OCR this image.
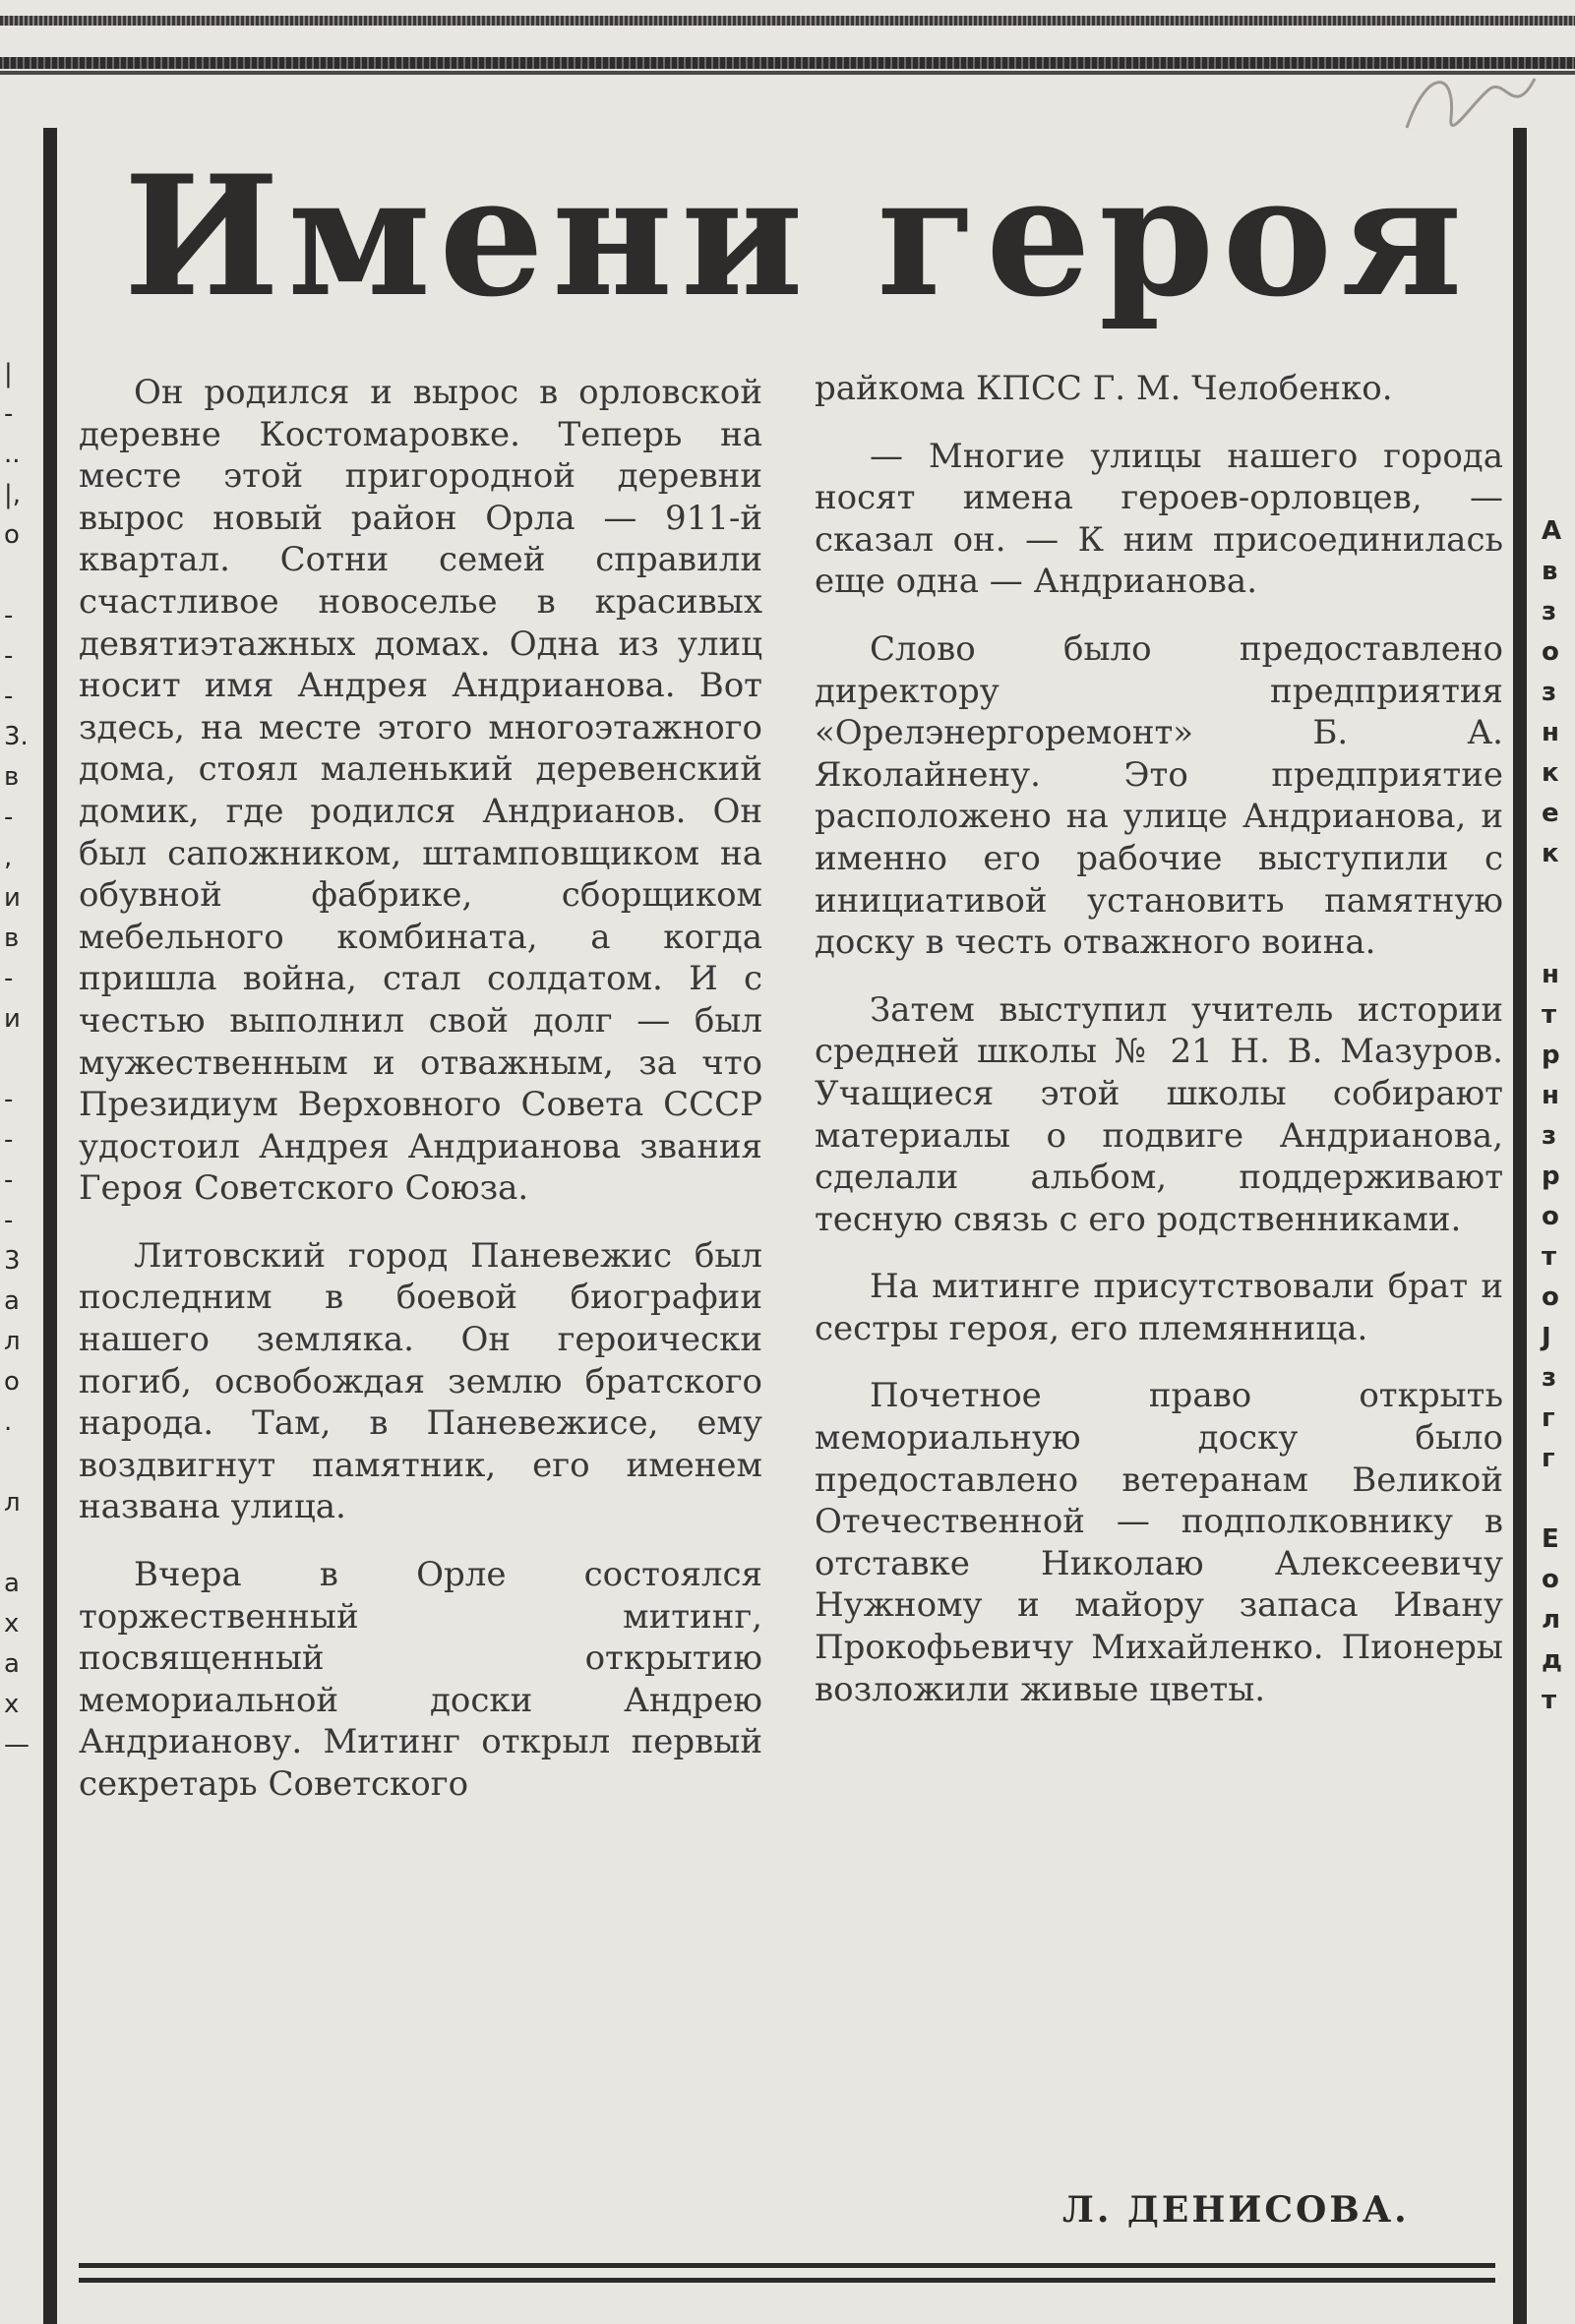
|
-
..
|,
o

-
-
-
3.
в
-
,
и
в
-
и

-
-
-
-
3
а
л
о
.

л

а
х
а
х
—
А
в
з
о
з
н
к
е
к

н
т
р
н
з
р
о
т
о
J
з
г
г

Е
о
л
д
т
Имени героя

Он родился и вырос в орловской деревне Костомаровке. Теперь на месте этой пригородной деревни вырос новый район Орла — 911-й квартал. Сотни семей справили счастливое новоселье в красивых девятиэтажных домах. Одна из улиц носит имя Андрея Андрианова. Вот здесь, на месте этого многоэтажного дома, стоял маленький деревенский домик, где родился Андрианов. Он был сапожником, штамповщиком на обувной фабрике, сборщиком мебельного комбината, а когда пришла война, стал солдатом. И с честью выполнил свой долг — был мужественным и отважным, за что Президиум Верховного Совета СССР удостоил Андрея Андрианова звания Героя Советского Союза.

Литовский город Паневежис был последним в боевой биографии нашего земляка. Он героически погиб, освобождая землю братского народа. Там, в Паневежисе, ему воздвигнут памятник, его именем названа улица.

Вчера в Орле состоялся торжественный митинг, посвященный открытию мемориальной доски Андрею Андрианову. Митинг открыл первый секретарь Советского

райкома КПСС Г. М. Челобенко.

— Многие улицы нашего города носят имена героев-орловцев, — сказал он. — К ним присоединилась еще одна — Андрианова.

Слово было предоставлено директору предприятия «Орелэнергоремонт» Б. А. Яколайнену. Это предприятие расположено на улице Андрианова, и именно его рабочие выступили с инициативой установить памятную доску в честь отважного воина.

Затем выступил учитель истории средней школы № 21 Н. В. Мазуров. Учащиеся этой школы собирают материалы о подвиге Андрианова, сделали альбом, поддерживают тесную связь с его родственниками.

На митинге присутствовали брат и сестры героя, его племянница.

Почетное право открыть мемориальную доску было предоставлено ветеранам Великой Отечественной — подполковнику в отставке Николаю Алексеевичу Нужному и майору запаса Ивану Прокофьевичу Михайленко. Пионеры возложили живые цветы.

Л. ДЕНИСОВА.
